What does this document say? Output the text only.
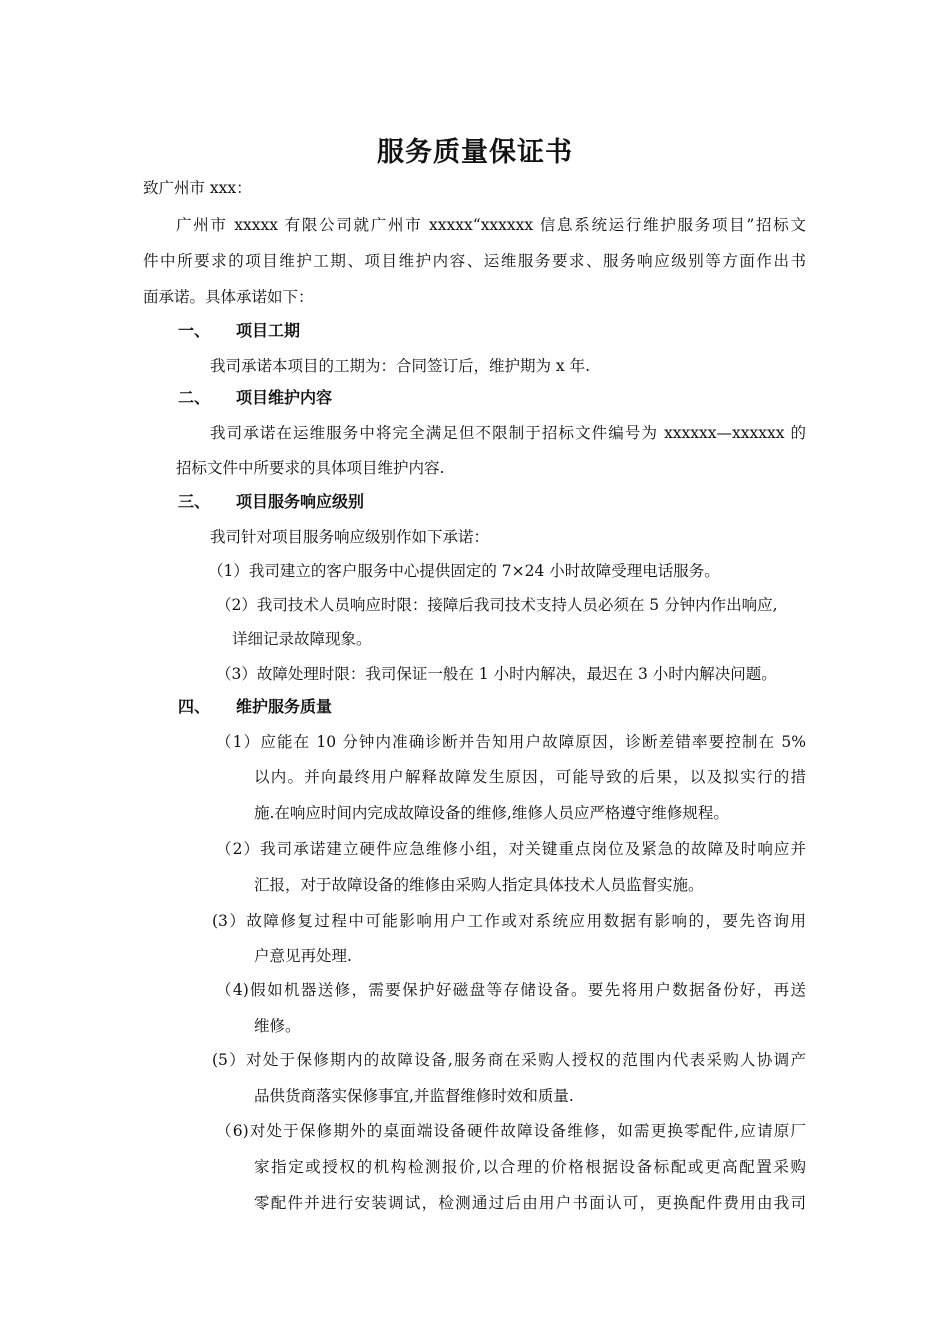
服务质量保证书
致广州市 xxx：
广州市 xxxxx 有限公司就广州市 xxxxx“xxxxxx 信息系统运行维护服务项目”招标文
件中所要求的项目维护工期、项目维护内容、运维服务要求、服务响应级别等方面作出书
面承诺。具体承诺如下：
一、 项目工期
我司承诺本项目的工期为：合同签订后，维护期为 x 年.
二、 项目维护内容
我司承诺在运维服务中将完全满足但不限制于招标文件编号为 xxxxxx—xxxxxx 的
招标文件中所要求的具体项目维护内容.
三、 项目服务响应级别
我司针对项目服务响应级别作如下承诺：
（1）我司建立的客户服务中心提供固定的 7×24 小时故障受理电话服务。
（2）我司技术人员响应时限：接障后我司技术支持人员必须在 5 分钟内作出响应,
详细记录故障现象。
（3）故障处理时限：我司保证一般在 1 小时内解决，最迟在 3 小时内解决问题。
四、 维护服务质量
（1）应能在 10 分钟内准确诊断并告知用户故障原因，诊断差错率要控制在 5%
以内。并向最终用户解释故障发生原因，可能导致的后果，以及拟实行的措
施.在响应时间内完成故障设备的维修,维修人员应严格遵守维修规程。
（2）我司承诺建立硬件应急维修小组，对关键重点岗位及紧急的故障及时响应并
汇报，对于故障设备的维修由采购人指定具体技术人员监督实施。
(3）故障修复过程中可能影响用户工作或对系统应用数据有影响的，要先咨询用
户意见再处理.
（4)假如机器送修，需要保护好磁盘等存储设备。要先将用户数据备份好，再送
维修。
(5）对处于保修期内的故障设备,服务商在采购人授权的范围内代表采购人协调产
品供货商落实保修事宜,并监督维修时效和质量.
（6)对处于保修期外的桌面端设备硬件故障设备维修，如需更换零配件,应请原厂
家指定或授权的机构检测报价,以合理的价格根据设备标配或更高配置采购
零配件并进行安装调试，检测通过后由用户书面认可，更换配件费用由我司
